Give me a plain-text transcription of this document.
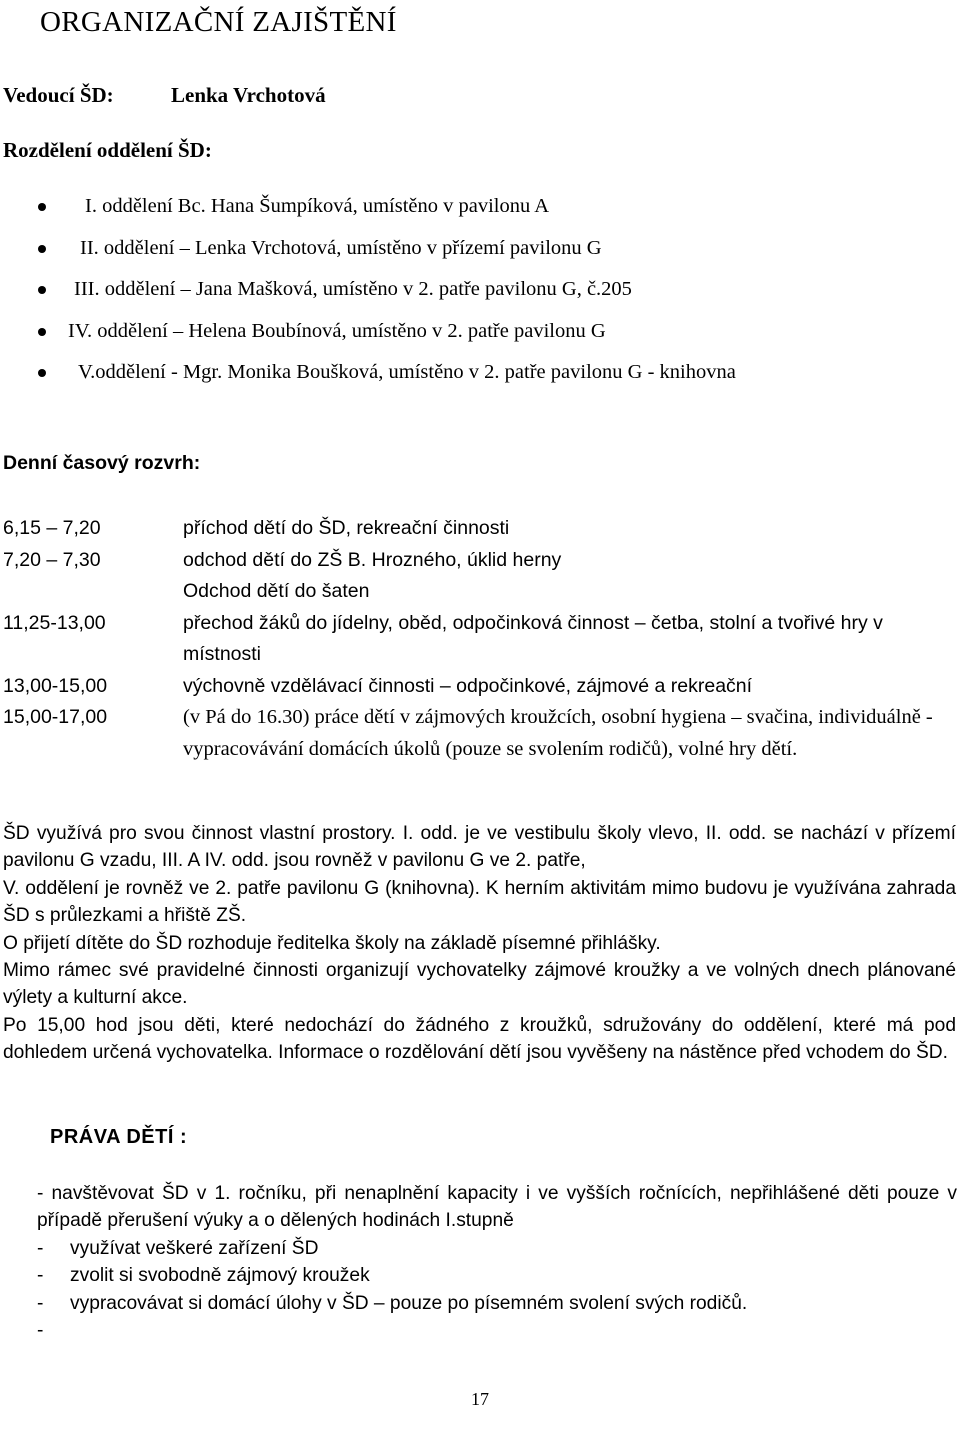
ORGANIZAČNÍ ZAJIŠTĚNÍ
Vedoucí ŠD:	Lenka Vrchotová
Rozdělení oddělení ŠD:
I. oddělení Bc. Hana Šumpíková, umístěno v pavilonu A
II. oddělení – Lenka Vrchotová, umístěno v přízemí pavilonu G
III. oddělení – Jana Mašková, umístěno v 2. patře pavilonu G, č.205
IV. oddělení – Helena Boubínová, umístěno v 2. patře pavilonu G
V.oddělení - Mgr. Monika Boušková, umístěno v 2. patře pavilonu G - knihovna
Denní časový rozvrh:
6,15 – 7,20	příchod dětí do ŠD, rekreační činnosti
7,20 – 7,30	odchod dětí do ZŠ B. Hrozného, úklid herny
Odchod dětí do šaten
11,25-13,00	přechod žáků do jídelny, oběd, odpočinková činnost – četba, stolní a tvořivé hry v místnosti
13,00-15,00	výchovně vzdělávací činnosti – odpočinkové, zájmové a rekreační
15,00-17,00	(v Pá do 16.30) práce dětí v zájmových kroužcích, osobní hygiena – svačina, individuálně - vypracovávání domácích úkolů (pouze se svolením rodičů), volné hry dětí.

ŠD využívá pro svou činnost vlastní prostory. I. odd. je ve vestibulu školy vlevo, II. odd. se nachází v přízemí pavilonu G vzadu, III. A IV. odd. jsou rovněž v pavilonu G ve 2. patře,

V. oddělení je rovněž ve 2. patře pavilonu G (knihovna). K herním aktivitám mimo budovu je využívána zahrada ŠD s průlezkami a hřiště ZŠ.

O přijetí dítěte do ŠD rozhoduje ředitelka školy na základě písemné přihlášky.

Mimo rámec své pravidelné činnosti organizují vychovatelky zájmové kroužky a ve volných dnech plánované výlety a kulturní akce.

Po 15,00 hod jsou děti, které nedochází do žádného z kroužků, sdružovány do oddělení, které má pod dohledem určená vychovatelka. Informace o rozdělování dětí jsou vyvěšeny na nástěnce před vchodem do ŠD.

PRÁVA DĚTÍ :
- navštěvovat ŠD v 1. ročníku, při nenaplnění kapacity i ve vyšších ročnících, nepřihlášené děti pouze v případě přerušení výuky a o dělených hodinách I.stupně
- využívat veškeré zařízení ŠD
- zvolit si svobodně zájmový kroužek
- vypracovávat si domácí úlohy v ŠD – pouze po písemném svolení svých rodičů.
-
17
